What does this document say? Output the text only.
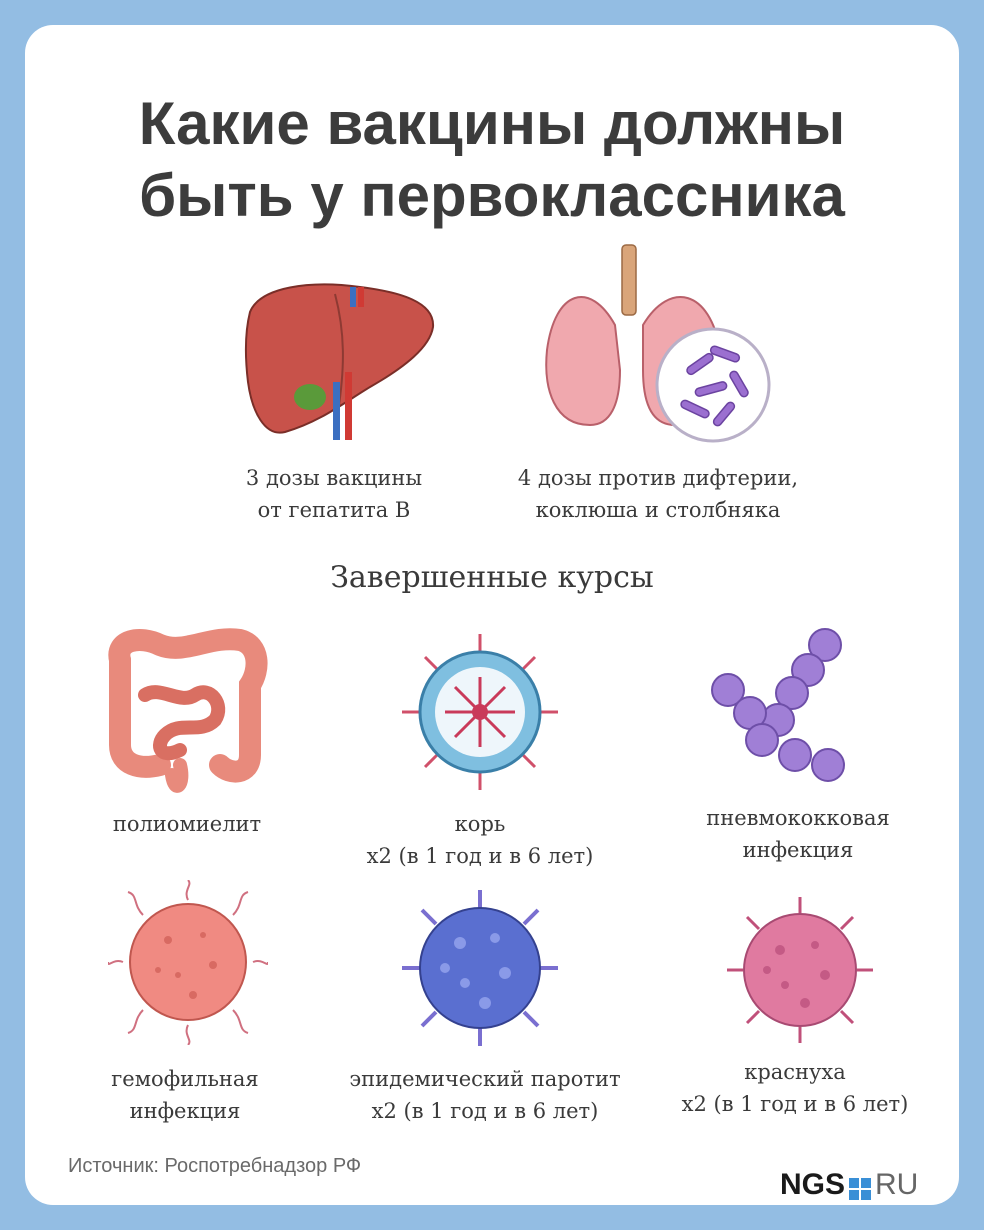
Какие вакцины должны
быть у первоклассника
3 дозы вакцины
от гепатита В
4 дозы против дифтерии,
коклюша и столбняка
Завершенные курсы
полиомиелит	корь
x2 (в 1 год и в 6 лет)
пневмококковая
инфекция
гемофильная
инфекция
эпидемический паротит
x2 (в 1 год и в 6 лет)
краснуха
x2 (в 1 год и в 6 лет)
Источник: Роспотребнадзор РФ
NGS RU
